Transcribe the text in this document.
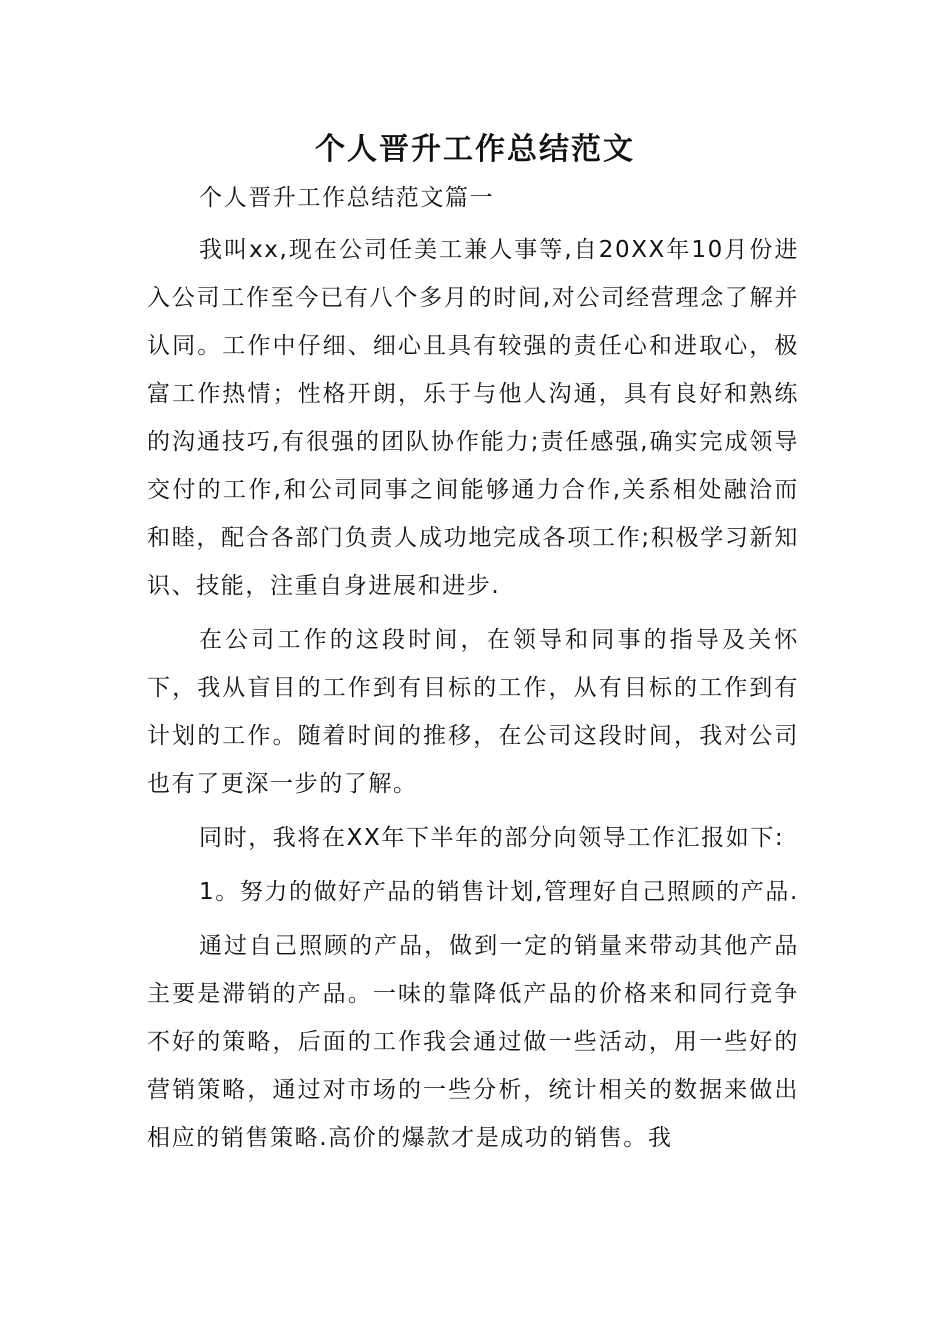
个人晋升工作总结范文

个人晋升工作总结范文篇一

我叫xx,现在公司任美工兼人事等,自20XX年10月份进入公司工作至今已有八个多月的时间,对公司经营理念了解并认同。工作中仔细、细心且具有较强的责任心和进取心，极富工作热情；性格开朗，乐于与他人沟通，具有良好和熟练的沟通技巧,有很强的团队协作能力;责任感强,确实完成领导交付的工作,和公司同事之间能够通力合作,关系相处融洽而和睦，配合各部门负责人成功地完成各项工作;积极学习新知识、技能，注重自身进展和进步.

在公司工作的这段时间，在领导和同事的指导及关怀下，我从盲目的工作到有目标的工作，从有目标的工作到有计划的工作。随着时间的推移，在公司这段时间，我对公司也有了更深一步的了解。

同时，我将在XX年下半年的部分向领导工作汇报如下:

1。努力的做好产品的销售计划,管理好自己照顾的产品.

通过自己照顾的产品，做到一定的销量来带动其他产品主要是滞销的产品。一味的靠降低产品的价格来和同行竞争不好的策略，后面的工作我会通过做一些活动，用一些好的营销策略，通过对市场的一些分析，统计相关的数据来做出相应的销售策略.高价的爆款才是成功的销售。我
